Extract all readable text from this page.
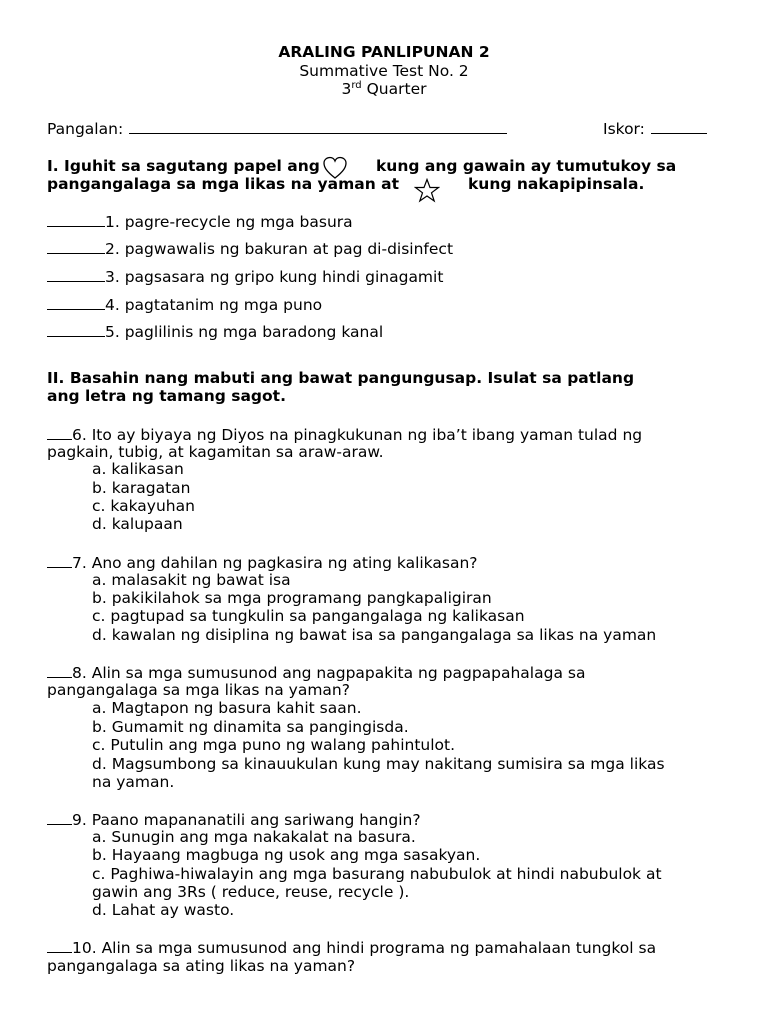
ARALING PANLIPUNAN 2
Summative Test No. 2
3rd Quarter
Pangalan:	Iskor:
I. Iguhit sa sagutang papel ang	kung ang gawain ay tumutukoy sa
pangangalaga sa mga likas na yaman at	kung nakapipinsala.
1. pagre-recycle ng mga basura
2. pagwawalis ng bakuran at pag di-disinfect
3. pagsasara ng gripo kung hindi ginagamit
4. pagtatanim ng mga puno
5. paglilinis ng mga baradong kanal
II. Basahin nang mabuti ang bawat pangungusap. Isulat sa patlang
ang letra ng tamang sagot.
6. Ito ay biyaya ng Diyos na pinagkukunan ng iba’t ibang yaman tulad ng
pagkain, tubig, at kagamitan sa araw-araw.
a. kalikasan
b. karagatan
c. kakayuhan
d. kalupaan
7. Ano ang dahilan ng pagkasira ng ating kalikasan?
a. malasakit ng bawat isa
b. pakikilahok sa mga programang pangkapaligiran
c. pagtupad sa tungkulin sa pangangalaga ng kalikasan
d. kawalan ng disiplina ng bawat isa sa pangangalaga sa likas na yaman
8. Alin sa mga sumusunod ang nagpapakita ng pagpapahalaga sa
pangangalaga sa mga likas na yaman?
a. Magtapon ng basura kahit saan.
b. Gumamit ng dinamita sa pangingisda.
c. Putulin ang mga puno ng walang pahintulot.
d. Magsumbong sa kinauukulan kung may nakitang sumisira sa mga likas
na yaman.
9. Paano mapananatili ang sariwang hangin?
a. Sunugin ang mga nakakalat na basura.
b. Hayaang magbuga ng usok ang mga sasakyan.
c. Paghiwa-hiwalayin ang mga basurang nabubulok at hindi nabubulok at
gawin ang 3Rs ( reduce, reuse, recycle ).
d. Lahat ay wasto.
10. Alin sa mga sumusunod ang hindi programa ng pamahalaan tungkol sa
pangangalaga sa ating likas na yaman?
